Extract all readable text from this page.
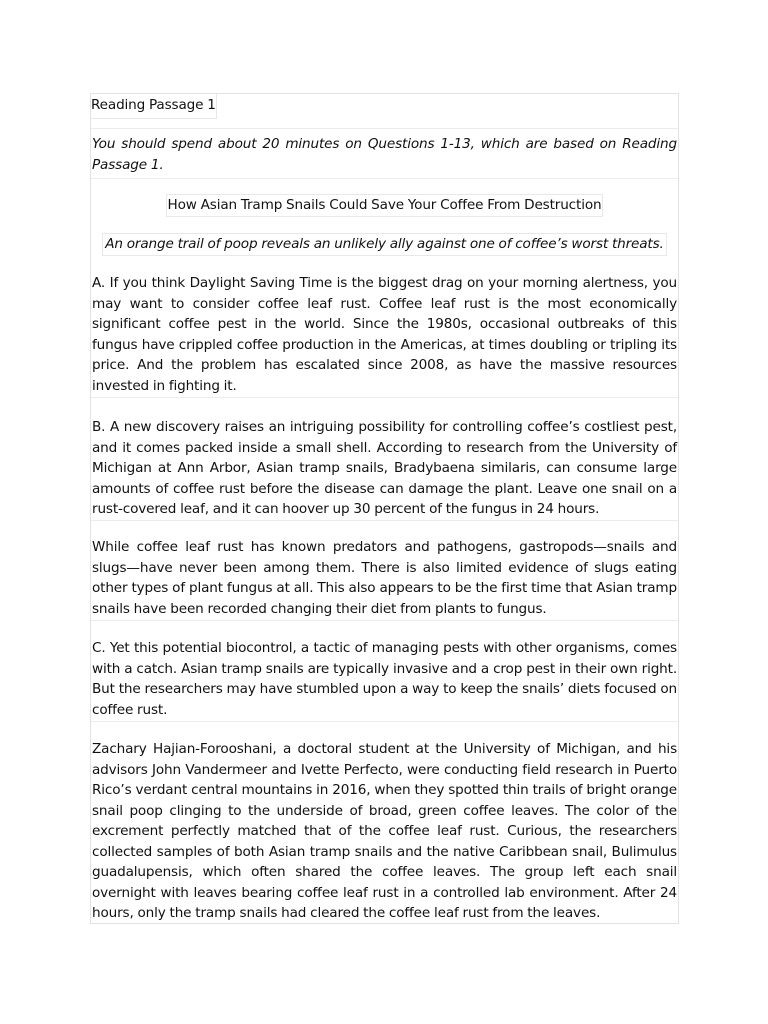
Reading Passage 1
You should spend about 20 minutes on Questions 1-13, which are based on Reading Passage 1.
How Asian Tramp Snails Could Save Your Coffee From Destruction
An orange trail of poop reveals an unlikely ally against one of coffee’s worst threats.
A. If you think Daylight Saving Time is the biggest drag on your morning alertness, you may want to consider coffee leaf rust. Coffee leaf rust is the most economically significant coffee pest in the world. Since the 1980s, occasional outbreaks of this fungus have crippled coffee production in the Americas, at times doubling or tripling its price. And the problem has escalated since 2008, as have the massive resources invested in fighting it.
B. A new discovery raises an intriguing possibility for controlling coffee’s costliest pest, and it comes packed inside a small shell. According to research from the University of Michigan at Ann Arbor, Asian tramp snails, Bradybaena similaris, can consume large amounts of coffee rust before the disease can damage the plant. Leave one snail on a rust-covered leaf, and it can hoover up 30 percent of the fungus in 24 hours.
While coffee leaf rust has known predators and pathogens, gastropods—snails and slugs—have never been among them. There is also limited evidence of slugs eating other types of plant fungus at all. This also appears to be the first time that Asian tramp snails have been recorded changing their diet from plants to fungus.
C. Yet this potential biocontrol, a tactic of managing pests with other organisms, comes with a catch. Asian tramp snails are typically invasive and a crop pest in their own right. But the researchers may have stumbled upon a way to keep the snails’ diets focused on coffee rust.
Zachary Hajian-Forooshani, a doctoral student at the University of Michigan, and his advisors John Vandermeer and Ivette Perfecto, were conducting field research in Puerto Rico’s verdant central mountains in 2016, when they spotted thin trails of bright orange snail poop clinging to the underside of broad, green coffee leaves. The color of the excrement perfectly matched that of the coffee leaf rust. Curious, the researchers collected samples of both Asian tramp snails and the native Caribbean snail, Bulimulus guadalupensis, which often shared the coffee leaves. The group left each snail overnight with leaves bearing coffee leaf rust in a controlled lab environment. After 24 hours, only the tramp snails had cleared the coffee leaf rust from the leaves.
